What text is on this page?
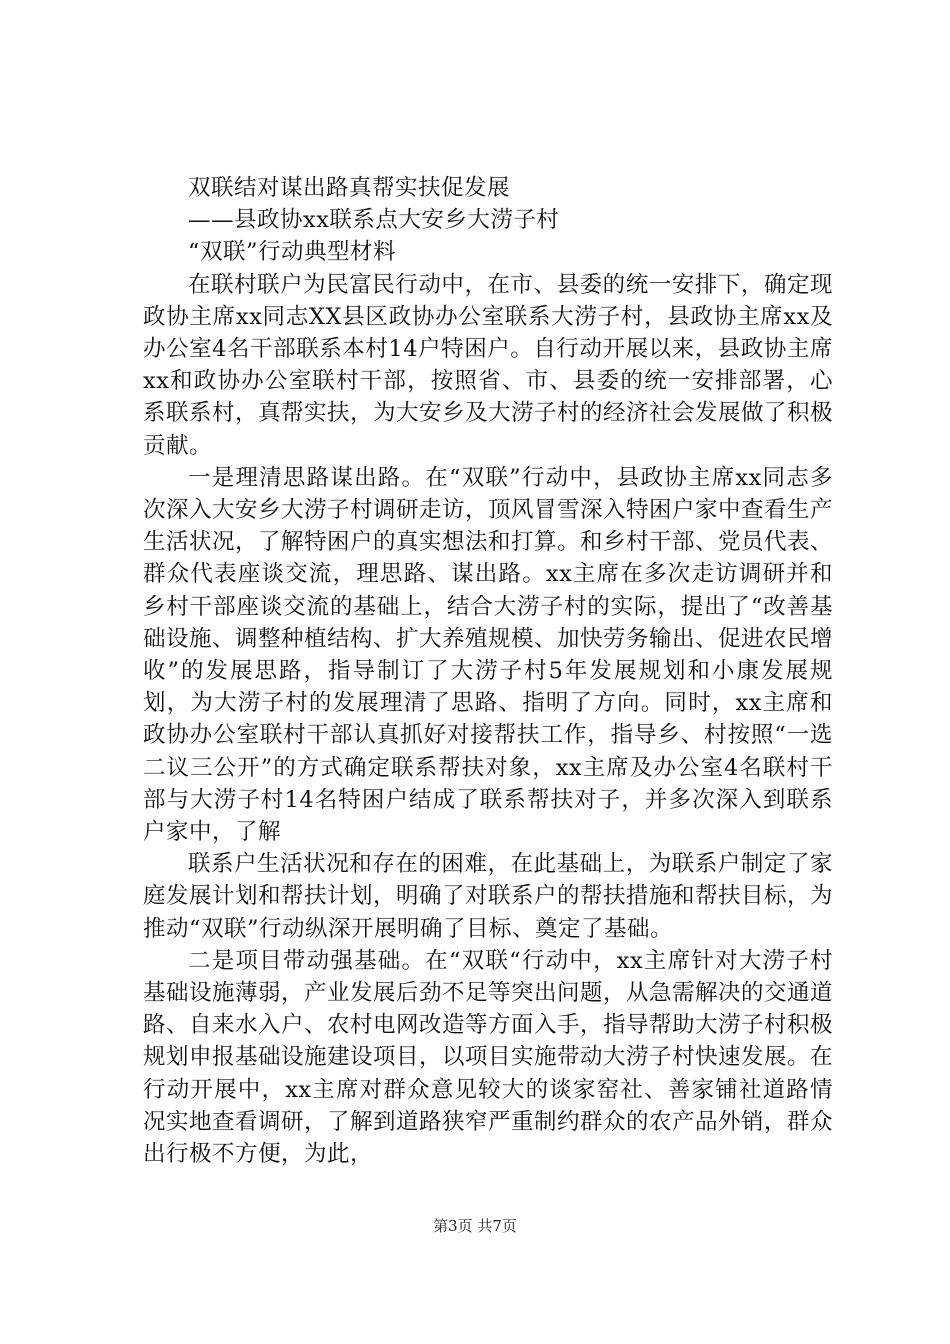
双联结对谋出路真帮实扶促发展

——县政协xx联系点大安乡大涝子村

“双联”行动典型材料

在联村联户为民富民行动中，在市、县委的统一安排下，确定现政协主席xx同志XX县区政协办公室联系大涝子村，县政协主席xx及办公室4名干部联系本村14户特困户。自行动开展以来，县政协主席xx和政协办公室联村干部，按照省、市、县委的统一安排部署，心系联系村，真帮实扶，为大安乡及大涝子村的经济社会发展做了积极贡献。

一是理清思路谋出路。在“双联”行动中，县政协主席xx同志多次深入大安乡大涝子村调研走访，顶风冒雪深入特困户家中查看生产生活状况，了解特困户的真实想法和打算。和乡村干部、党员代表、群众代表座谈交流，理思路、谋出路。xx主席在多次走访调研并和乡村干部座谈交流的基础上，结合大涝子村的实际，提出了“改善基础设施、调整种植结构、扩大养殖规模、加快劳务输出、促进农民增收”的发展思路，指导制订了大涝子村5年发展规划和小康发展规划，为大涝子村的发展理清了思路、指明了方向。同时，xx主席和政协办公室联村干部认真抓好对接帮扶工作，指导乡、村按照“一选二议三公开”的方式确定联系帮扶对象，xx主席及办公室4名联村干部与大涝子村14名特困户结成了联系帮扶对子，并多次深入到联系户家中，了解

联系户生活状况和存在的困难，在此基础上，为联系户制定了家庭发展计划和帮扶计划，明确了对联系户的帮扶措施和帮扶目标，为推动“双联”行动纵深开展明确了目标、奠定了基础。

二是项目带动强基础。在“双联“行动中，xx主席针对大涝子村基础设施薄弱，产业发展后劲不足等突出问题，从急需解决的交通道路、自来水入户、农村电网改造等方面入手，指导帮助大涝子村积极规划申报基础设施建设项目，以项目实施带动大涝子村快速发展。在行动开展中，xx主席对群众意见较大的谈家窑社、善家铺社道路情况实地查看调研，了解到道路狭窄严重制约群众的农产品外销，群众出行极不方便，为此，

第3页 共7页
